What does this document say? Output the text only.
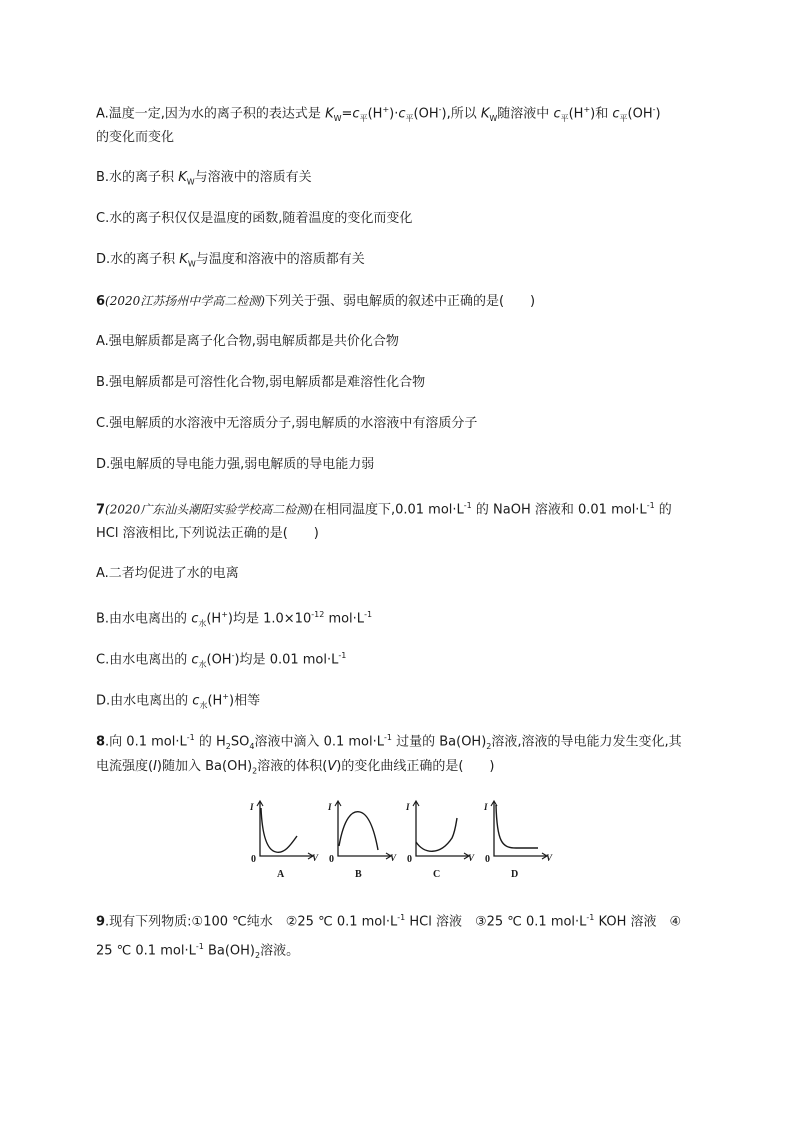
A.温度一定,因为水的离子积的表达式是 $K_W=c_平(H^+)\cdot c_平(OH^-)$,所以 $K_W$随溶液中 $c_平(H^+)$和 $c_平(OH^-)$
的变化而变化
B.水的离子积 $K_W$与溶液中的溶质有关
C.水的离子积仅仅是温度的函数,随着温度的变化而变化
D.水的离子积 $K_W$与温度和溶液中的溶质都有关
6(2020江苏扬州中学高二检测)下列关于强、弱电解质的叙述中正确的是(　　)
A.强电解质都是离子化合物,弱电解质都是共价化合物
B.强电解质都是可溶性化合物,弱电解质都是难溶性化合物
C.强电解质的水溶液中无溶质分子,弱电解质的水溶液中有溶质分子
D.强电解质的导电能力强,弱电解质的导电能力弱
7(2020广东汕头潮阳实验学校高二检测)在相同温度下,0.01 $mol\cdot L^{-1}$ 的 NaOH 溶液和 0.01 $mol\cdot L^{-1}$ 的
HCl 溶液相比,下列说法正确的是(　　)
A.二者均促进了水的电离
B.由水电离出的 $c_水(H^+)$均是 $1.0\times 10^{-12}$ $mol\cdot L^{-1}$
C.由水电离出的 $c_水(OH^-)$均是 0.01 $mol\cdot L^{-1}$
D.由水电离出的 $c_水(H^+)$相等
8.向 0.1 $mol\cdot L^{-1}$ 的 $H_2SO_4$溶液中滴入 0.1 $mol\cdot L^{-1}$ 过量的 $Ba(OH)_2$溶液,溶液的导电能力发生变化,其
电流强度(I)随加入 $Ba(OH)_2$溶液的体积(V)的变化曲线正确的是(　　)
I
V
0
A
I
V
0
B
I
V
0
C
I
V
0
D
9.现有下列物质:①100 ℃纯水　②25 ℃ 0.1 $mol\cdot L^{-1}$ HCl 溶液　③25 ℃ 0.1 $mol\cdot L^{-1}$ KOH 溶液　④
25 ℃ 0.1 $mol\cdot L^{-1}$ $Ba(OH)_2$溶液。
